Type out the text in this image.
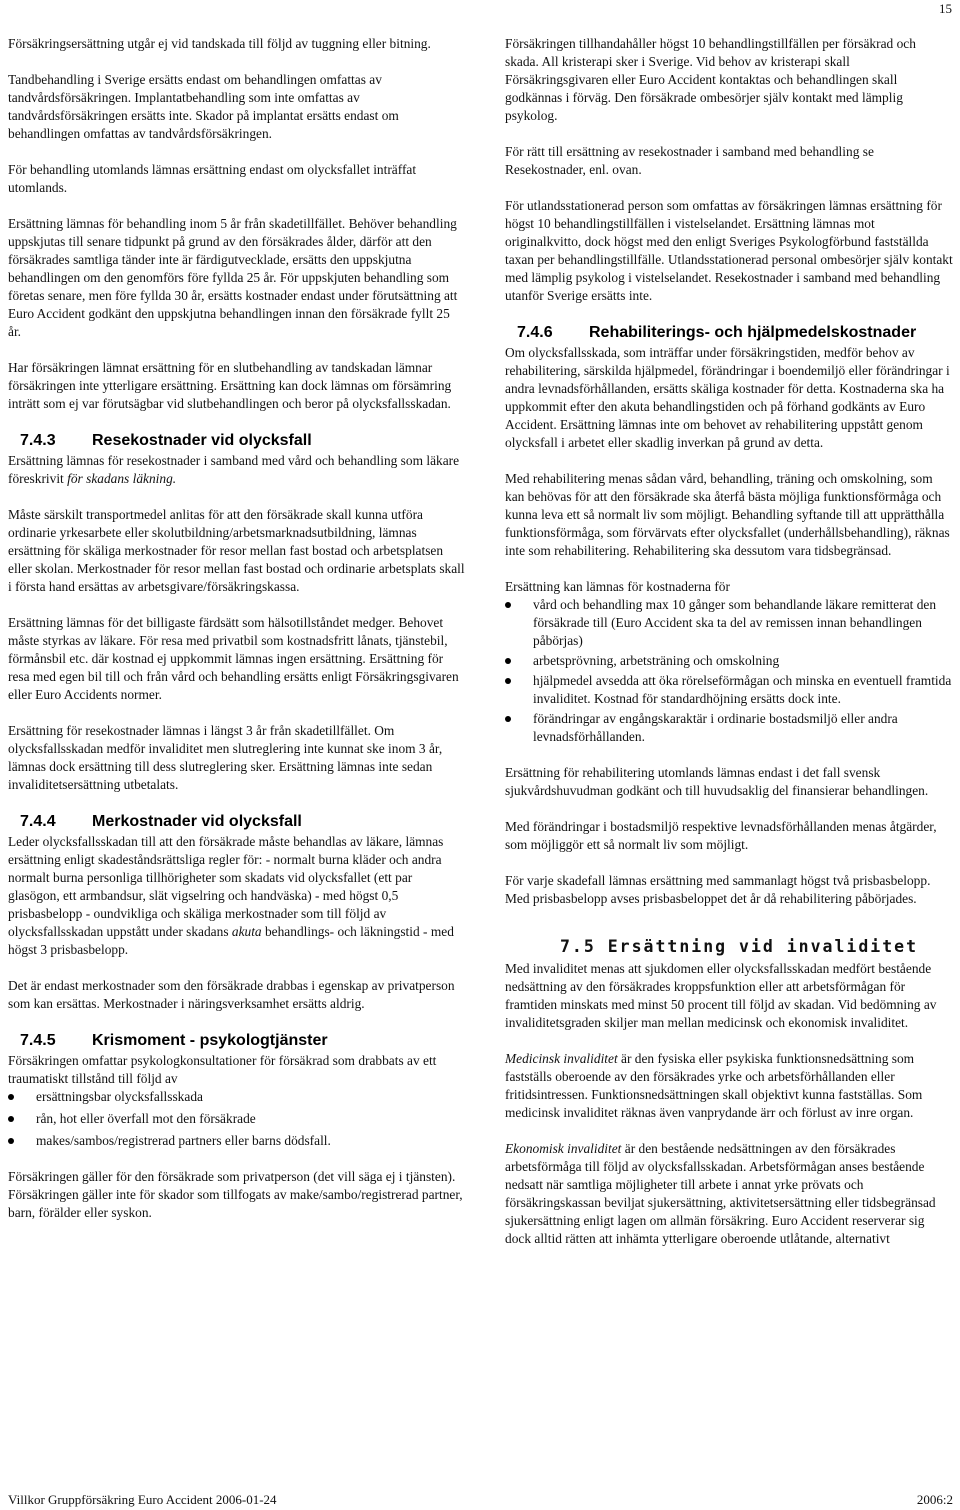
15

Försäkringsersättning utgår ej vid tandskada till följd av tuggning eller bitning.

Tandbehandling i Sverige ersätts endast om behandlingen omfattas av tandvårdsförsäkringen. Implantatbehandling som inte omfattas av tandvårdsförsäkringen ersätts inte. Skador på implantat ersätts endast om behandlingen omfattas av tandvårdsförsäkringen.

För behandling utomlands lämnas ersättning endast om olycksfallet inträffat utomlands.

Ersättning lämnas för behandling inom 5 år från skadetillfället. Behöver behandling uppskjutas till senare tidpunkt på grund av den försäkrades ålder, därför att den försäkrades samtliga tänder inte är färdigutvecklade, ersätts den uppskjutna behandlingen om den genomförs före fyllda 25 år. För uppskjuten behandling som företas senare, men före fyllda 30 år, ersätts kostnader endast under förutsättning att Euro Accident godkänt den uppskjutna behandlingen innan den försäkrade fyllt 25 år.

Har försäkringen lämnat ersättning för en slutbehandling av tandskadan lämnar försäkringen inte ytterligare ersättning. Ersättning kan dock lämnas om försämring inträtt som ej var förutsägbar vid slutbehandlingen och beror på olycksfallsskadan.

7.4.3 Resekostnader vid olycksfall

Ersättning lämnas för resekostnader i samband med vård och behandling som läkare föreskrivit för skadans läkning.

Måste särskilt transportmedel anlitas för att den försäkrade skall kunna utföra ordinarie yrkesarbete eller skolutbildning/arbetsmarknadsutbildning, lämnas ersättning för skäliga merkostnader för resor mellan fast bostad och arbetsplatsen eller skolan. Merkostnader för resor mellan fast bostad och ordinarie arbetsplats skall i första hand ersättas av arbetsgivare/försäkringskassa.

Ersättning lämnas för det billigaste färdsätt som hälsotillståndet medger. Behovet måste styrkas av läkare. För resa med privatbil som kostnadsfritt lånats, tjänstebil, förmånsbil etc. där kostnad ej uppkommit lämnas ingen ersättning. Ersättning för resa med egen bil till och från vård och behandling ersätts enligt Försäkringsgivaren eller Euro Accidents normer.

Ersättning för resekostnader lämnas i längst 3 år från skadetillfället. Om olycksfallsskadan medför invaliditet men slutreglering inte kunnat ske inom 3 år, lämnas dock ersättning till dess slutreglering sker. Ersättning lämnas inte sedan invaliditetsersättning utbetalats.

7.4.4 Merkostnader vid olycksfall

Leder olycksfallsskadan till att den försäkrade måste behandlas av läkare, lämnas ersättning enligt skadeståndsrättsliga regler för: - normalt burna kläder och andra normalt burna personliga tillhörigheter som skadats vid olycksfallet (ett par glasögon, ett armbandsur, slät vigselring och handväska) - med högst 0,5 prisbasbelopp - oundvikliga och skäliga merkostnader som till följd av olycksfallsskadan uppstått under skadans akuta behandlings- och läkningstid - med högst 3 prisbasbelopp.

Det är endast merkostnader som den försäkrade drabbas i egenskap av privatperson som kan ersättas. Merkostnader i näringsverksamhet ersätts aldrig.

7.4.5 Krismoment - psykologtjänster

Försäkringen omfattar psykologkonsultationer för försäkrad som drabbats av ett traumatiskt tillstånd till följd av

ersättningsbar olycksfallsskada
rån, hot eller överfall mot den försäkrade
makes/sambos/registrerad partners eller barns dödsfall.

Försäkringen gäller för den försäkrade som privatperson (det vill säga ej i tjänsten). Försäkringen gäller inte för skador som tillfogats av make/sambo/registrerad partner, barn, förälder eller syskon.

Försäkringen tillhandahåller högst 10 behandlingstillfällen per försäkrad och skada. All kristerapi sker i Sverige. Vid behov av kristerapi skall Försäkringsgivaren eller Euro Accident kontaktas och behandlingen skall godkännas i förväg. Den försäkrade ombesörjer själv kontakt med lämplig psykolog.

För rätt till ersättning av resekostnader i samband med behandling se Resekostnader, enl. ovan.

För utlandsstationerad person som omfattas av försäkringen lämnas ersättning för högst 10 behandlingstillfällen i vistelselandet. Ersättning lämnas mot originalkvitto, dock högst med den enligt Sveriges Psykologförbund fastställda taxan per behandlingstillfälle. Utlandsstationerad personal ombesörjer själv kontakt med lämplig psykolog i vistelselandet. Resekostnader i samband med behandling utanför Sverige ersätts inte.

7.4.6 Rehabiliterings- och hjälpmedelskostnader

Om olycksfallsskada, som inträffar under försäkringstiden, medför behov av rehabilitering, särskilda hjälpmedel, förändringar i boendemiljö eller förändringar i andra levnadsförhållanden, ersätts skäliga kostnader för detta. Kostnaderna ska ha uppkommit efter den akuta behandlingstiden och på förhand godkänts av Euro Accident. Ersättning lämnas inte om behovet av rehabilitering uppstått genom olycksfall i arbetet eller skadlig inverkan på grund av detta.

Med rehabilitering menas sådan vård, behandling, träning och omskolning, som kan behövas för att den försäkrade ska återfå bästa möjliga funktionsförmåga och kunna leva ett så normalt liv som möjligt. Behandling syftande till att upprätthålla funktionsförmåga, som förvärvats efter olycksfallet (underhållsbehandling), räknas inte som rehabilitering. Rehabilitering ska dessutom vara tidsbegränsad.

Ersättning kan lämnas för kostnaderna för

vård och behandling max 10 gånger som behandlande läkare remitterat den försäkrade till (Euro Accident ska ta del av remissen innan behandlingen påbörjas)
arbetsprövning, arbetsträning och omskolning
hjälpmedel avsedda att öka rörelseförmågan och minska en eventuell framtida invaliditet. Kostnad för standardhöjning ersätts dock inte.
förändringar av engångskaraktär i ordinarie bostadsmiljö eller andra levnadsförhållanden.

Ersättning för rehabilitering utomlands lämnas endast i det fall svensk sjukvårdshuvudman godkänt och till huvudsaklig del finansierar behandlingen.

Med förändringar i bostadsmiljö respektive levnadsförhållanden menas åtgärder, som möjliggör ett så normalt liv som möjligt.

För varje skadefall lämnas ersättning med sammanlagt högst två prisbasbelopp. Med prisbasbelopp avses prisbasbeloppet det år då rehabilitering påbörjades.

7.5 Ersättning vid invaliditet

Med invaliditet menas att sjukdomen eller olycksfallsskadan medfört bestående nedsättning av den försäkrades kroppsfunktion eller att arbetsförmågan för framtiden minskats med minst 50 procent till följd av skadan. Vid bedömning av invaliditetsgraden skiljer man mellan medicinsk och ekonomisk invaliditet.

Medicinsk invaliditet är den fysiska eller psykiska funktionsnedsättning som fastställs oberoende av den försäkrades yrke och arbetsförhållanden eller fritidsintressen. Funktionsnedsättningen skall objektivt kunna fastställas. Som medicinsk invaliditet räknas även vanprydande ärr och förlust av inre organ.

Ekonomisk invaliditet är den bestående nedsättningen av den försäkrades arbetsförmåga till följd av olycksfallsskadan. Arbetsförmågan anses bestående nedsatt när samtliga möjligheter till arbete i annat yrke prövats och försäkringskassan beviljat sjukersättning, aktivitetsersättning eller tidsbegränsad sjukersättning enligt lagen om allmän försäkring. Euro Accident reserverar sig dock alltid rätten att inhämta ytterligare oberoende utlåtande, alternativt

Villkor Gruppförsäkring Euro Accident 2006-01-24	2006:2
